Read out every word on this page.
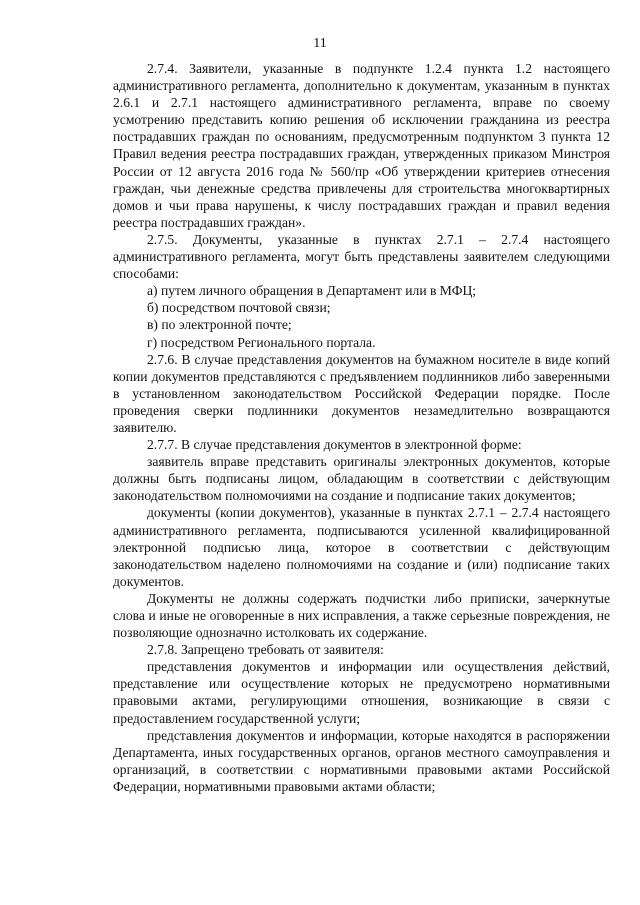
11

2.7.4. Заявители, указанные в подпункте 1.2.4 пункта 1.2 настоящего административного регламента, дополнительно к документам, указанным в пунктах 2.6.1 и 2.7.1 настоящего административного регламента, вправе по своему усмотрению представить копию решения об исключении гражданина из реестра пострадавших граждан по основаниям, предусмотренным подпунктом 3 пункта 12 Правил ведения реестра пострадавших граждан, утвержденных приказом Минстроя России от 12 августа 2016 года № 560/пр «Об утверждении критериев отнесения граждан, чьи денежные средства привлечены для строительства многоквартирных домов и чьи права нарушены, к числу пострадавших граждан и правил ведения реестра пострадавших граждан».

2.7.5. Документы, указанные в пунктах 2.7.1 – 2.7.4 настоящего административного регламента, могут быть представлены заявителем следующими способами:

а) путем личного обращения в Департамент или в МФЦ;

б) посредством почтовой связи;

в) по электронной почте;

г) посредством Регионального портала.

2.7.6. В случае представления документов на бумажном носителе в виде копий копии документов представляются с предъявлением подлинников либо заверенными в установленном законодательством Российской Федерации порядке. После проведения сверки подлинники документов незамедлительно возвращаются заявителю.

2.7.7. В случае представления документов в электронной форме:

заявитель вправе представить оригиналы электронных документов, которые должны быть подписаны лицом, обладающим в соответствии с действующим законодательством полномочиями на создание и подписание таких документов;

документы (копии документов), указанные в пунктах 2.7.1 – 2.7.4 настоящего административного регламента, подписываются усиленной квалифицированной электронной подписью лица, которое в соответствии с действующим законодательством наделено полномочиями на создание и (или) подписание таких документов.

Документы не должны содержать подчистки либо приписки, зачеркнутые слова и иные не оговоренные в них исправления, а также серьезные повреждения, не позволяющие однозначно истолковать их содержание.

2.7.8. Запрещено требовать от заявителя:

представления документов и информации или осуществления действий, представление или осуществление которых не предусмотрено нормативными правовыми актами, регулирующими отношения, возникающие в связи с предоставлением государственной услуги;

представления документов и информации, которые находятся в распоряжении Департамента, иных государственных органов, органов местного самоуправления и организаций, в соответствии с нормативными правовыми актами Российской Федерации, нормативными правовыми актами области;
